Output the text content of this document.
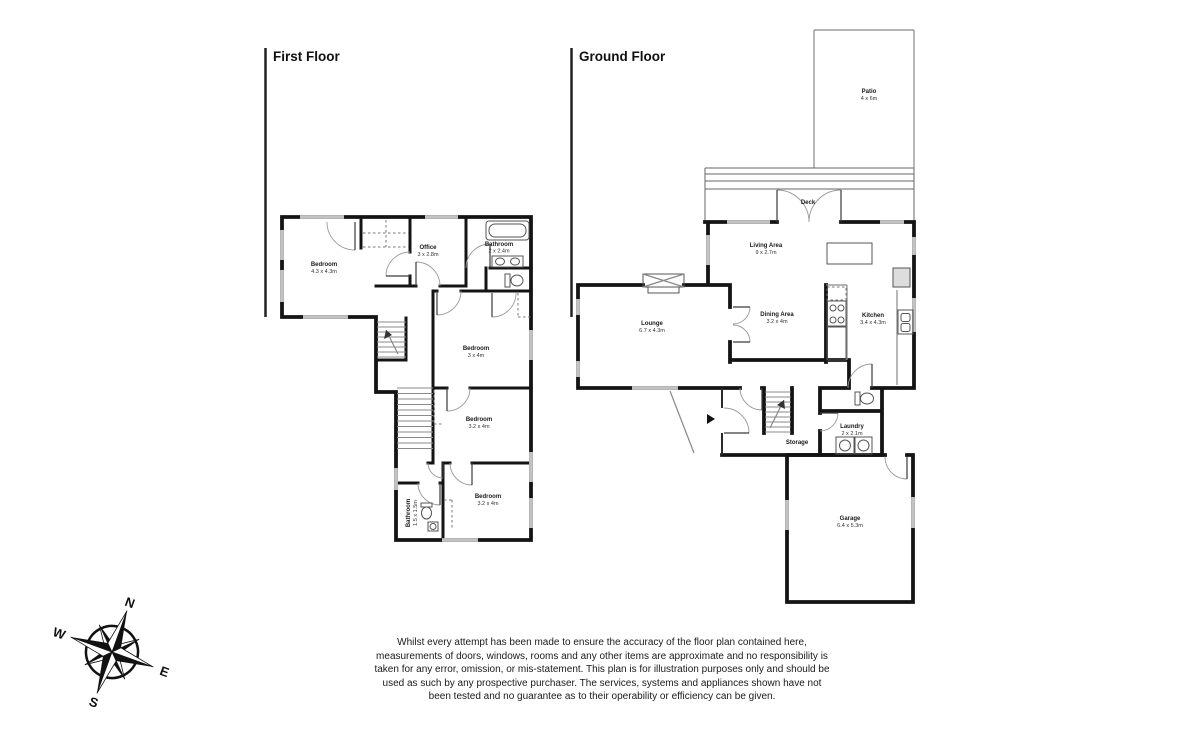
First Floor	Ground Floor
Bedroom
4.3 x 4.3m
Office
3 x 2.8m
Bathroom
2 x 2.4m
Bedroom
3 x 4m
Bedroom
3.2 x 4m
Bathroom 1.5 x 1.5m
Bedroom
3.2 x 4m
Patio
4 x 6m
Deck
Living Area
9 x 2.7m
Dining Area
3.2 x 4m
Kitchen
3.4 x 4.3m
Lounge
6.7 x 4.3m
Storage
Laundry
2 x 2.1m
Garage
6.4 x 5.3m
N
E
S
W
Whilst every attempt has been made to ensure the accuracy of the floor plan contained here, measurements of doors, windows, rooms and any other items are approximate and no responsibility is taken for any error, omission, or mis-statement. This plan is for illustration purposes only and should be used as such by any prospective purchaser. The services, systems and appliances shown have not been tested and no guarantee as to their operability or efficiency can be given.
